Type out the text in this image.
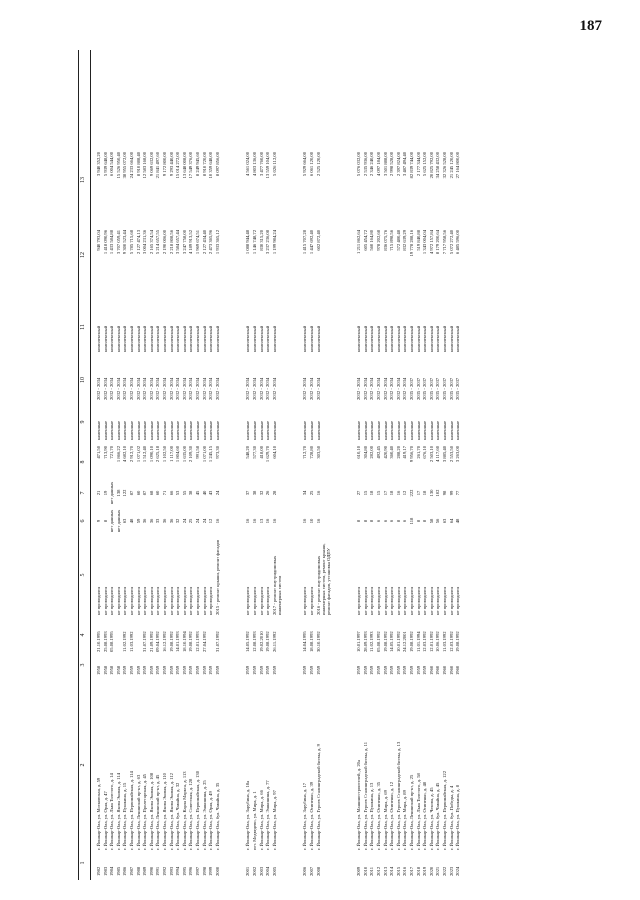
187
1
2
3
4
5
6
7
8
9
10
11
12
13
1982
г. Йошкар-Ола, ул. Московская, д. 59
1958
21.10.1995
не проводился
9
21
471,50
каменные
2032 - 2034
комплексный
940 793,04
3 940 352,20
1983
г. Йошкар-Ола, ул. Орая, д. 47
1958
25.08.1993
не проводился
8
19
713,90
каменные
2032 - 2034
комплексный
1 418 090,96
5 939 648,00
1984
г. Йошкар-Ола, ул. Льва Толстого, д. 14
1958
05.08.1995
не проводился
нет данных
нет данных
721,70
каменные
2032 - 2034
комплексный
1 433 584,88
6 004 544,00
1985
г. Йошкар-Ола, ул. Якова Эшпая, д. 114
1958
не проводился
нет данных
138
1 866,22
каменные
2032 - 2034
комплексный
3 707 059,41
15 526 950,40
1986
г. Йошкар-Ола, ул. Пушкина, д. 15
1959
11.02.1992
не проводился
63
122
4 682,10
каменные
2032 - 2034
комплексный
9 300 523,44
38 955 072,00
1987
г. Йошкар-Ола, ул. Первомайская, д. 114
1959
11.03.1992
не проводился
48
87
2 912,70
каменные
2032 - 2034
комплексный
5 785 715,68
24 233 664,00
1988
г. Йошкар-Ола, Ленинский пр-кт, д. 63
1959
не проводился
59
60
1 071,02
каменные
2032 - 2034
комплексный
2 127 474,13
8 910 888,40
1989
г. Йошкар-Ола, ул. Пролетарская, д. 45
1959
31.07.1992
не проводился
36
87
1 512,40
каменные
2032 - 2034
комплексный
3 004 231,36
12 583 168,00
1990
г. Йошкар-Ола, ул. Якова Эшпая, д. 108
1959
21.09.1992
не проводился
36
68
1 090,10
каменные
2032 - 2034
комплексный
2 165 374,54
9 069 632,00
1991
г. Йошкар-Ола, Ленинский пр-кт, д. 45
1959
09.04.1992
не проводился
33
60
2 625,18
каменные
2032 - 2034
комплексный
5 214 657,55
21 841 497,60
1992
г. Йошкар-Ола, ул. Якова Эшпая, д. 110
1959
16.12.1992
не проводился
36
71
1 102,50
каменные
2032 - 2034
комплексный
2 190 006,00
9 172 800,00
1993
г. Йошкар-Ола, ул. Якова Эшпая, д. 112
1959
19.08.1992
не проводился
36
66
1 117,00
каменные
2032 - 2034
комплексный
2 218 808,56
9 293 440,00
1994
г. Йошкар-Ола, бул. Чавайна, д. 32
1959
14.01.1993
не проводился
32
53
1 804,60
каменные
2032 - 2034
комплексный
3 584 657,44
15 014 272,00
1995
г. Йошкар-Ола, ул. Карла Маркса, д. 113
1959
18.10.1994
не проводился
24
55
1 635,00
каменные
2032 - 2034
комплексный
3 247 758,00
13 648 008,00
1996
г. Йошкар-Ола, ул. Советская, д. 128
1959
19.08.1992
не проводился
25
38
2 109,30
каменные
2032 - 2034
комплексный
4 189 913,52
17 549 376,00
1997
г. Йошкар-Ола, ул. Первомайская, д. 130
1959
12.01.1993
не проводился
24
45
991,58
каменные
2032 - 2034
комплексный
1 969 674,51
8 249 945,60
1998
г. Йошкар-Ола, ул. Эшкинина, д. 25
1959
27.04.1992
не проводился
24
40
1 071,00
каменные
2032 - 2034
комплексный
2 127 434,40
8 910 720,00
1999
г. Йошкар-Ола, ул. Орая, д. 49
1959
не проводился
12
43
1 245,15
каменные
2032 - 2034
комплексный
2 473 365,96
10 359 648,00
2000
г. Йошкар-Ола, бул. Чавайна, д. 35
1959
31.07.1992
2015 - ремонт крыши, ремонт фасадов
16
24
973,30
каменные
2032 - 2034
комплексный
1 933 365,12
8 097 856,00
2001
г. Йошкар-Ола, ул. Зарубина, д. 18а
1959
14.05.1992
не проводился
16
37
548,20
каменные
2032 - 2034
комплексный
1 088 944,48
4 561 024,00
2002
пгт. Медведево, ул. Мира, д. 1
1959
12.08.1993
не проводился
16
38
577,30
каменные
2032 - 2034
комплексный
1 146 748,72
4 803 136,00
2003
г. Йошкар-Ола, ул. Мира, д. 66
1959
19.02.2010
не проводился
13
32
418,00
каменные
2032 - 2034
комплексный
830 315,20
3 477 760,00
2004
г. Йошкар-Ола, ул. Эшкинина, д. 77
1959
19.08.1992
не проводился
16
26
1 629,70
каменные
2032 - 2034
комплексный
3 237 236,08
13 559 104,00
2005
г. Йошкар-Ола, ул. Мира, д. 97
1959
26.11.1992
2017 - ремонт внутридомовых инженерных систем
16
28
604,10
каменные
2032 - 2034
комплексный
1 199 984,24
5 026 112,00
2006
г. Йошкар-Ола, ул. Зарубина, д. 17
1959
14.04.1995
не проводился
16
34
712,70
каменные
2032 - 2034
комплексный
1 415 707,28
5 929 664,00
2007
г. Йошкар-Ола, ул. Осипенко, д. 39
1959
18.08.1993
не проводился
10
25
728,80
каменные
2032 - 2034
комплексный
1 447 692,40
6 061 120,00
2008
г. Йошкар-Ола, ул. Героев Сталинградской битвы, д. 9
1959
30.10.1992
2016 - ремонт внутридомовых инженерных систем, ремонт крыши, ремонт фасадов, установка ОДПУ
16
16
303,50
каменные
2032 - 2034
комплексный
602 872,40
2 525 120,00
2009
г. Йошкар-Ола, ул. Машиностроителей, д. 20а
1959
10.01.1997
не проводился
8
27
610,10
каменные
2032 - 2034
комплексный
1 211 862,64
5 076 032,00
2010
г. Йошкар-Ола, ул. Героев Сталинградской битвы, д. 11
1959
28.09.1993
не проводился
8
15
304,80
каменные
2032 - 2034
комплексный
605 454,72
2 535 936,00
2011
г. Йошкар-Ола, ул. Пушкина, д. 13
1959
11.02.1993
не проводился
8
18
282,00
каменные
2032 - 2034
комплексный
560 164,80
2 346 240,00
2012
г. Йошкар-Ола, ул. Осипенко, д. 35
1959
05.08.1992
не проводился
6
15
492,45
каменные
2032 - 2034
комплексный
978 202,68
4 097 184,00
2013
г. Йошкар-Ола, ул. Мира, д. 69
1959
19.08.1992
не проводился
6
17
420,90
каменные
2032 - 2034
комплексный
836 075,76
3 501 888,00
2014
г. Йошкар-Ола, ул. Осипенко, д. 12
1959
14.05.1992
не проводился
6
18
360,40
каменные
2032 - 2034
комплексный
715 898,56
2 998 528,00
2015
г. Йошкар-Ола, ул. Героев Сталинградской битвы, д. 13
1959
10.01.1992
не проводился
8
16
288,20
каменные
2032 - 2034
комплексный
572 480,48
2 397 824,00
2016
г. Йошкар-Ола, ул. Мира, д. 89
1959
24.12.2001
не проводился
6
12
419,17
каменные
2032 - 2034
комплексный
832 639,29
3 487 494,40
2017
г. Йошкар-Ола, Ленинский пр-кт, д. 25
1959
19.08.1992
не проводился
118
222
9 956,70
каменные
2035 - 2037
комплексный
19 778 288,16
82 839 744,00
2018
г. Йошкар-Ола, ул. Льва Толстого, д. 58
1959
11.01.1994
не проводился
8
17
261,70
каменные
2035 - 2037
комплексный
519 840,88
2 177 344,00
2019
г. Йошкар-Ола, ул. Осипенко, д. 48
1959
12.03.1992
не проводился
8
18
676,10
каменные
2035 - 2037
комплексный
1 343 004,04
5 625 152,00
2020
г. Йошкар-Ола, ул. Чехова, д. 45
1960
12.01.1992
не проводился
58
130
2 503,10
каменные
2035 - 2037
комплексный
4 972 157,84
20 825 792,00
2021
г. Йошкар-Ола, бул. Чавайна, д. 45
1960
10.06.1992
не проводился
56
102
4 117,60
каменные
2035 - 2037
комплексный
8 179 200,64
34 258 432,00
2022
г. Йошкар-Ола, ул. Первомайская, д. 122
1960
11.03.1992
не проводился
63
98
3 885,40
каменные
2035 - 2037
комплексный
7 717 958,56
32 326 528,00
2023
г. Йошкар-Ола, бул. Победы, д. 4
1960
12.03.1992
не проводился
64
99
2 553,50
каменные
2035 - 2037
комплексный
5 072 272,40
21 245 120,00
2024
г. Йошкар-Ола, ул. Пушкина, д. 8
1960
19.08.1992
не проводился
48
77
3 263,00
каменные
2035 - 2037
комплексный
6 485 596,00
27 164 800,00
